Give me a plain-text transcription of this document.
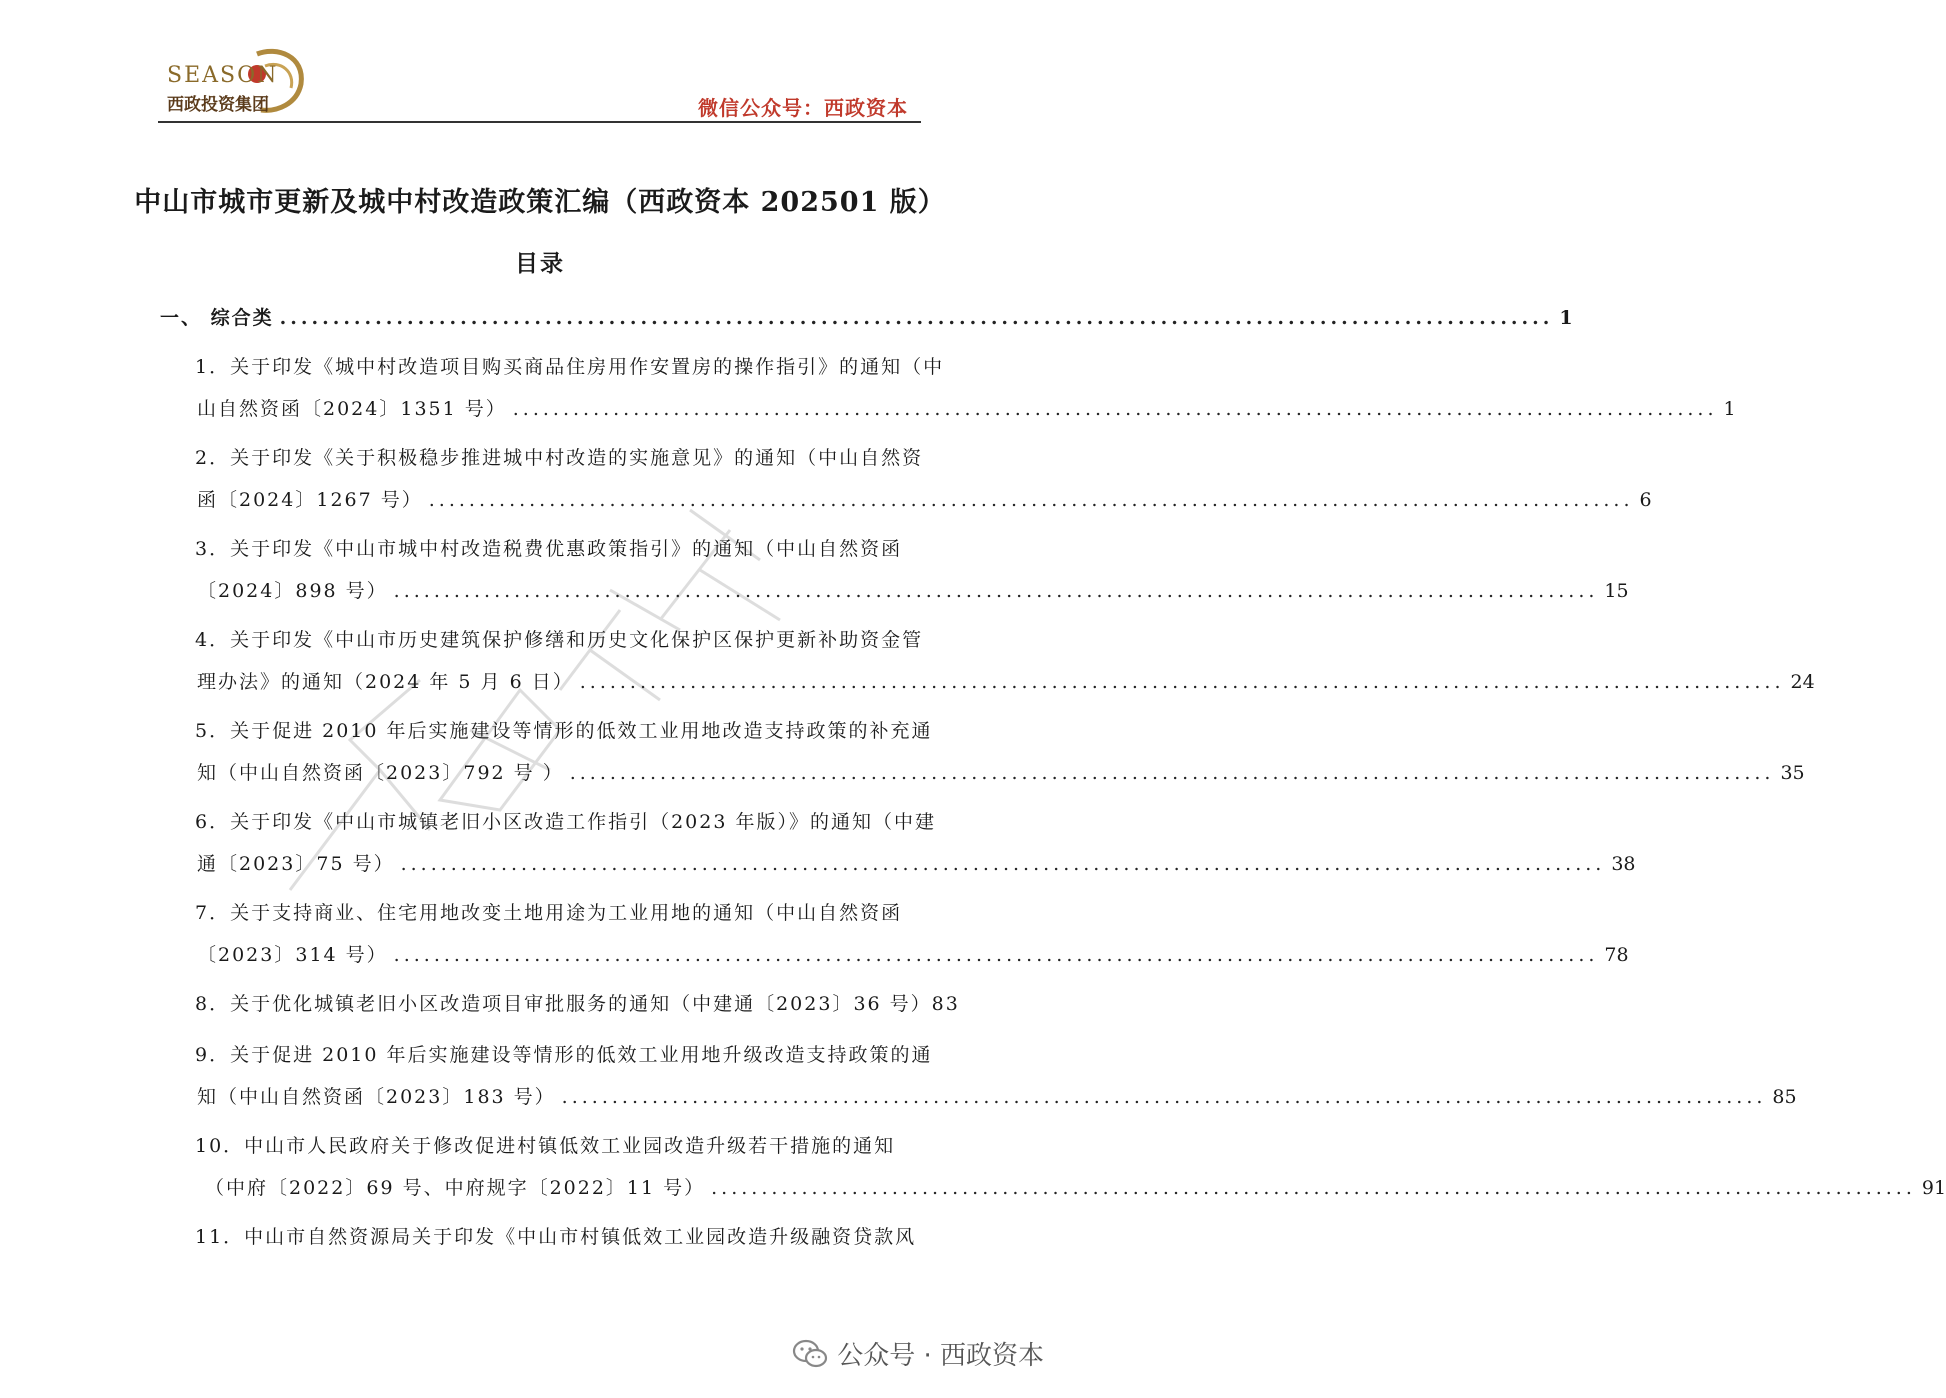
SEASON
西政投资集团	微信公众号：西政资本
中山市城市更新及城中村改造政策汇编（西政资本 202501 版）
目录
一、 综合类 ........................................................................................................................ 1
1．关于印发《城中村改造项目购买商品住房用作安置房的操作指引》的通知（中
山自然资函〔2024〕1351 号） ........................................................................................................................ 1
2．关于印发《关于积极稳步推进城中村改造的实施意见》的通知（中山自然资
函〔2024〕1267 号） ........................................................................................................................ 6
3．关于印发《中山市城中村改造税费优惠政策指引》的通知（中山自然资函
〔2024〕898 号） ........................................................................................................................ 15
4．关于印发《中山市历史建筑保护修缮和历史文化保护区保护更新补助资金管
理办法》的通知（2024 年 5 月 6 日） ........................................................................................................................ 24
5．关于促进 2010 年后实施建设等情形的低效工业用地改造支持政策的补充通
知（中山自然资函〔2023〕792 号 ） ........................................................................................................................ 35
6．关于印发《中山市城镇老旧小区改造工作指引（2023 年版）》的通知（中建
通〔2023〕75 号） ........................................................................................................................ 38
7．关于支持商业、住宅用地改变土地用途为工业用地的通知（中山自然资函
〔2023〕314 号） ........................................................................................................................ 78
8．关于优化城镇老旧小区改造项目审批服务的通知（中建通〔2023〕36 号）83
9．关于促进 2010 年后实施建设等情形的低效工业用地升级改造支持政策的通
知（中山自然资函〔2023〕183 号） ........................................................................................................................ 85
10．中山市人民政府关于修改促进村镇低效工业园改造升级若干措施的通知
（中府〔2022〕69 号、中府规字〔2022〕11 号） ........................................................................................................................ 91
11．中山市自然资源局关于印发《中山市村镇低效工业园改造升级融资贷款风
公众号 · 西政资本
